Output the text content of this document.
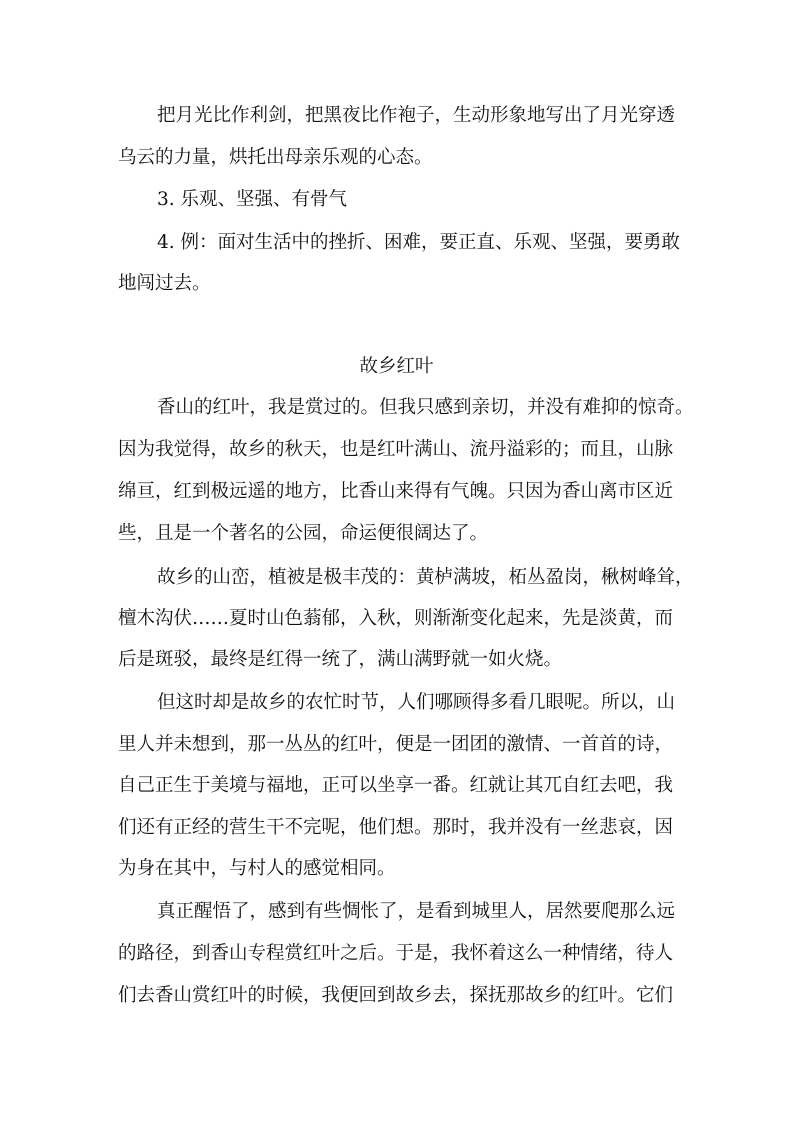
把月光比作利剑，把黑夜比作袍子，生动形象地写出了月光穿透
乌云的力量，烘托出母亲乐观的心态。
3. 乐观、坚强、有骨气
4. 例：面对生活中的挫折、困难，要正直、乐观、坚强，要勇敢
地闯过去。
故乡红叶
香山的红叶，我是赏过的。但我只感到亲切，并没有难抑的惊奇。
因为我觉得，故乡的秋天，也是红叶满山、流丹溢彩的；而且，山脉
绵亘，红到极远遥的地方，比香山来得有气魄。只因为香山离市区近
些，且是一个著名的公园，命运便很阔达了。
故乡的山峦，植被是极丰茂的：黄栌满坡，柘丛盈岗，楸树峰耸，
檀木沟伏……夏时山色蓊郁，入秋，则渐渐变化起来，先是淡黄，而
后是斑驳，最终是红得一统了，满山满野就一如火烧。
但这时却是故乡的农忙时节，人们哪顾得多看几眼呢。所以，山
里人并未想到，那一丛丛的红叶，便是一团团的激情、一首首的诗，
自己正生于美境与福地，正可以坐享一番。红就让其兀自红去吧，我
们还有正经的营生干不完呢，他们想。那时，我并没有一丝悲哀，因
为身在其中，与村人的感觉相同。
真正醒悟了，感到有些惆怅了，是看到城里人，居然要爬那么远
的路径，到香山专程赏红叶之后。于是，我怀着这么一种情绪，待人
们去香山赏红叶的时候，我便回到故乡去，探抚那故乡的红叶。它们
